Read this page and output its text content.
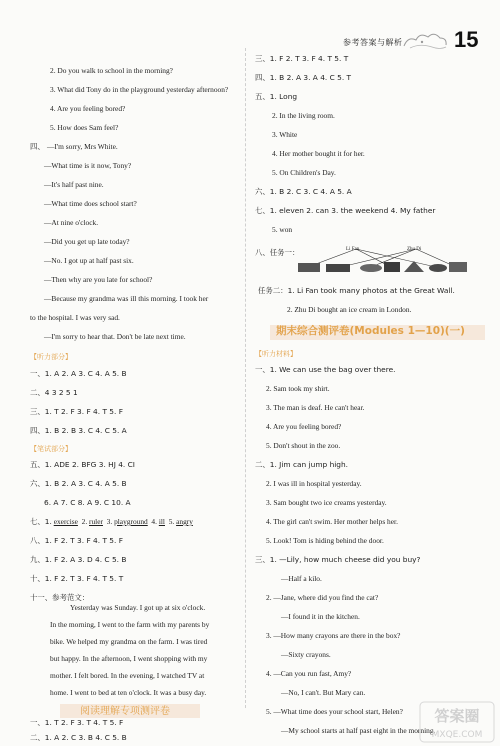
参考答案与解析 15
2. Do you walk to school in the morning?
3. What did Tony do in the playground yesterday afternoon?
4. Are you feeling bored?
5. How does Sam feel?
四、 —I'm sorry, Mrs White.
—What time is it now, Tony?
—It's half past nine.
—What time does school start?
—At nine o'clock.
—Did you get up late today?
—No. I got up at half past six.
—Then why are you late for school?
—Because my grandma was ill this morning. I took her
to the hospital. I was very sad.
—I'm sorry to hear that. Don't be late next time.
【听力部分】
一、1. A 2. A 3. C 4. A 5. B
二、4 3 2 5 1
三、1. T 2. F 3. F 4. T 5. F
四、1. B 2. B 3. C 4. C 5. A
【笔试部分】
五、1. ADE 2. BFG 3. HJ 4. CI
六、1. B 2. A 3. C 4. A 5. B
6. A 7. C 8. A 9. C 10. A
七、1. exercise  2. ruler  3. playground  4. ill  5. angry
八、1. F 2. T 3. F 4. T 5. F
九、1. F 2. A 3. D 4. C 5. B
十、1. F 2. T 3. F 4. T 5. T
十一、参考范文：
Yesterday was Sunday. I got up at six o'clock.
In the morning, I went to the farm with my parents by
bike. We helped my grandma on the farm. I was tired
but happy. In the afternoon, I went shopping with my
mother. I felt bored. In the evening, I watched TV at
home. I went to bed at ten o'clock. It was a busy day.
阅读理解专项测评卷
三、1. F 2. T 3. F 4. T 5. T
四、1. B 2. A 3. A 4. C 5. T
五、1. Long
2. In the living room.
3. White
4. Her mother bought it for her.
5. On Children's Day.
六、1. B 2. C 3. C 4. A 5. A
七、1. eleven 2. can 3. the weekend 4. My father
5. won
八、任务一：	Li Fan	Zhu Di
任务二：1. Li Fan took many photos at the Great Wall.
2. Zhu Di bought an ice cream in London.
期末综合测评卷(Modules 1—10)(一)
【听力材料】
一、1. We can use the bag over there.
2. Sam took my shirt.
3. The man is deaf. He can't hear.
4. Are you feeling bored?
5. Don't shout in the zoo.
二、1. Jim can jump high.
2. I was ill in hospital yesterday.
3. Sam bought two ice creams yesterday.
4. The girl can't swim. Her mother helps her.
5. Look! Tom is hiding behind the door.
三、1. —Lily, how much cheese did you buy?
—Half a kilo.
2. —Jane, where did you find the cat?
—I found it in the kitchen.
3. —How many crayons are there in the box?
—Sixty crayons.
4. —Can you run fast, Amy?
—No, I can't. But Mary can.
5. —What time does your school start, Helen?
—My school starts at half past eight in the morning.
一、1. T 2. F 3. T 4. T 5. F
二、1. A 2. C 3. B 4. C 5. B
答案圈
MXQE.COM
